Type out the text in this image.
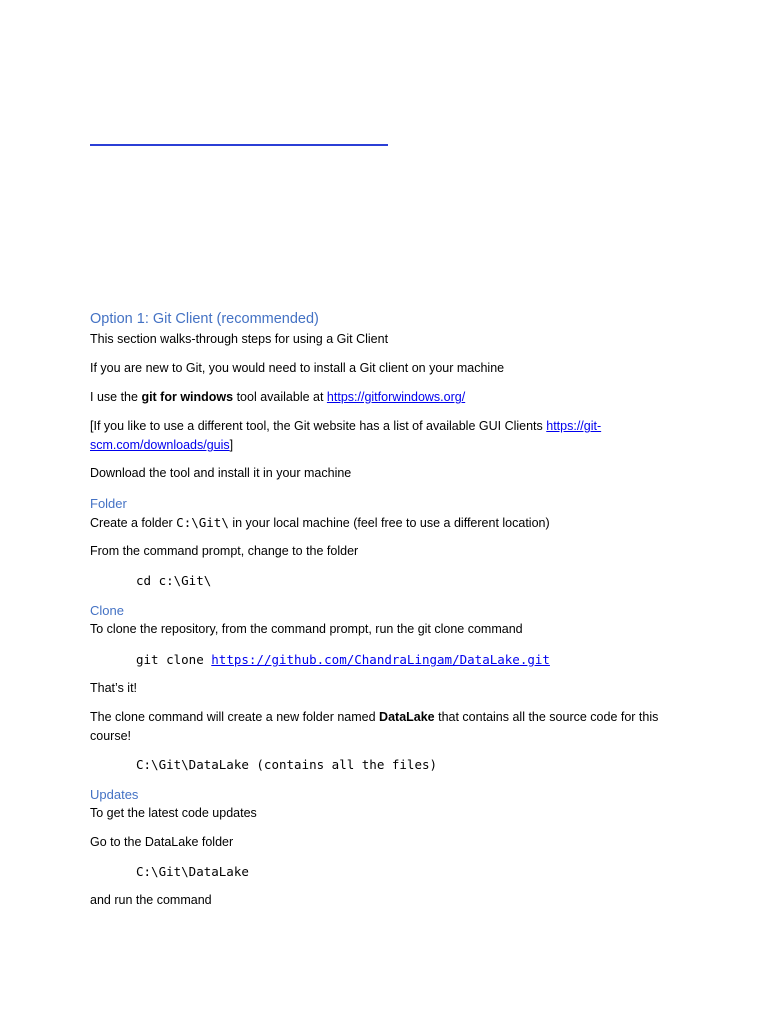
Option 1: Git Client (recommended)
This section walks-through steps for using a Git Client
If you are new to Git, you would need to install a Git client on your machine
I use the git for windows tool available at https://gitforwindows.org/
[If you like to use a different tool, the Git website has a list of available GUI Clients https://git-scm.com/downloads/guis]
Download the tool and install it in your machine
Folder
Create a folder C:\Git\ in your local machine (feel free to use a different location)
From the command prompt, change to the folder
cd c:\Git\
Clone
To clone the repository, from the command prompt, run the git clone command
git clone https://github.com/ChandraLingam/DataLake.git
That’s it!
The clone command will create a new folder named DataLake that contains all the source code for this course!
C:\Git\DataLake (contains all the files)
Updates
To get the latest code updates
Go to the DataLake folder
C:\Git\DataLake
and run the command
